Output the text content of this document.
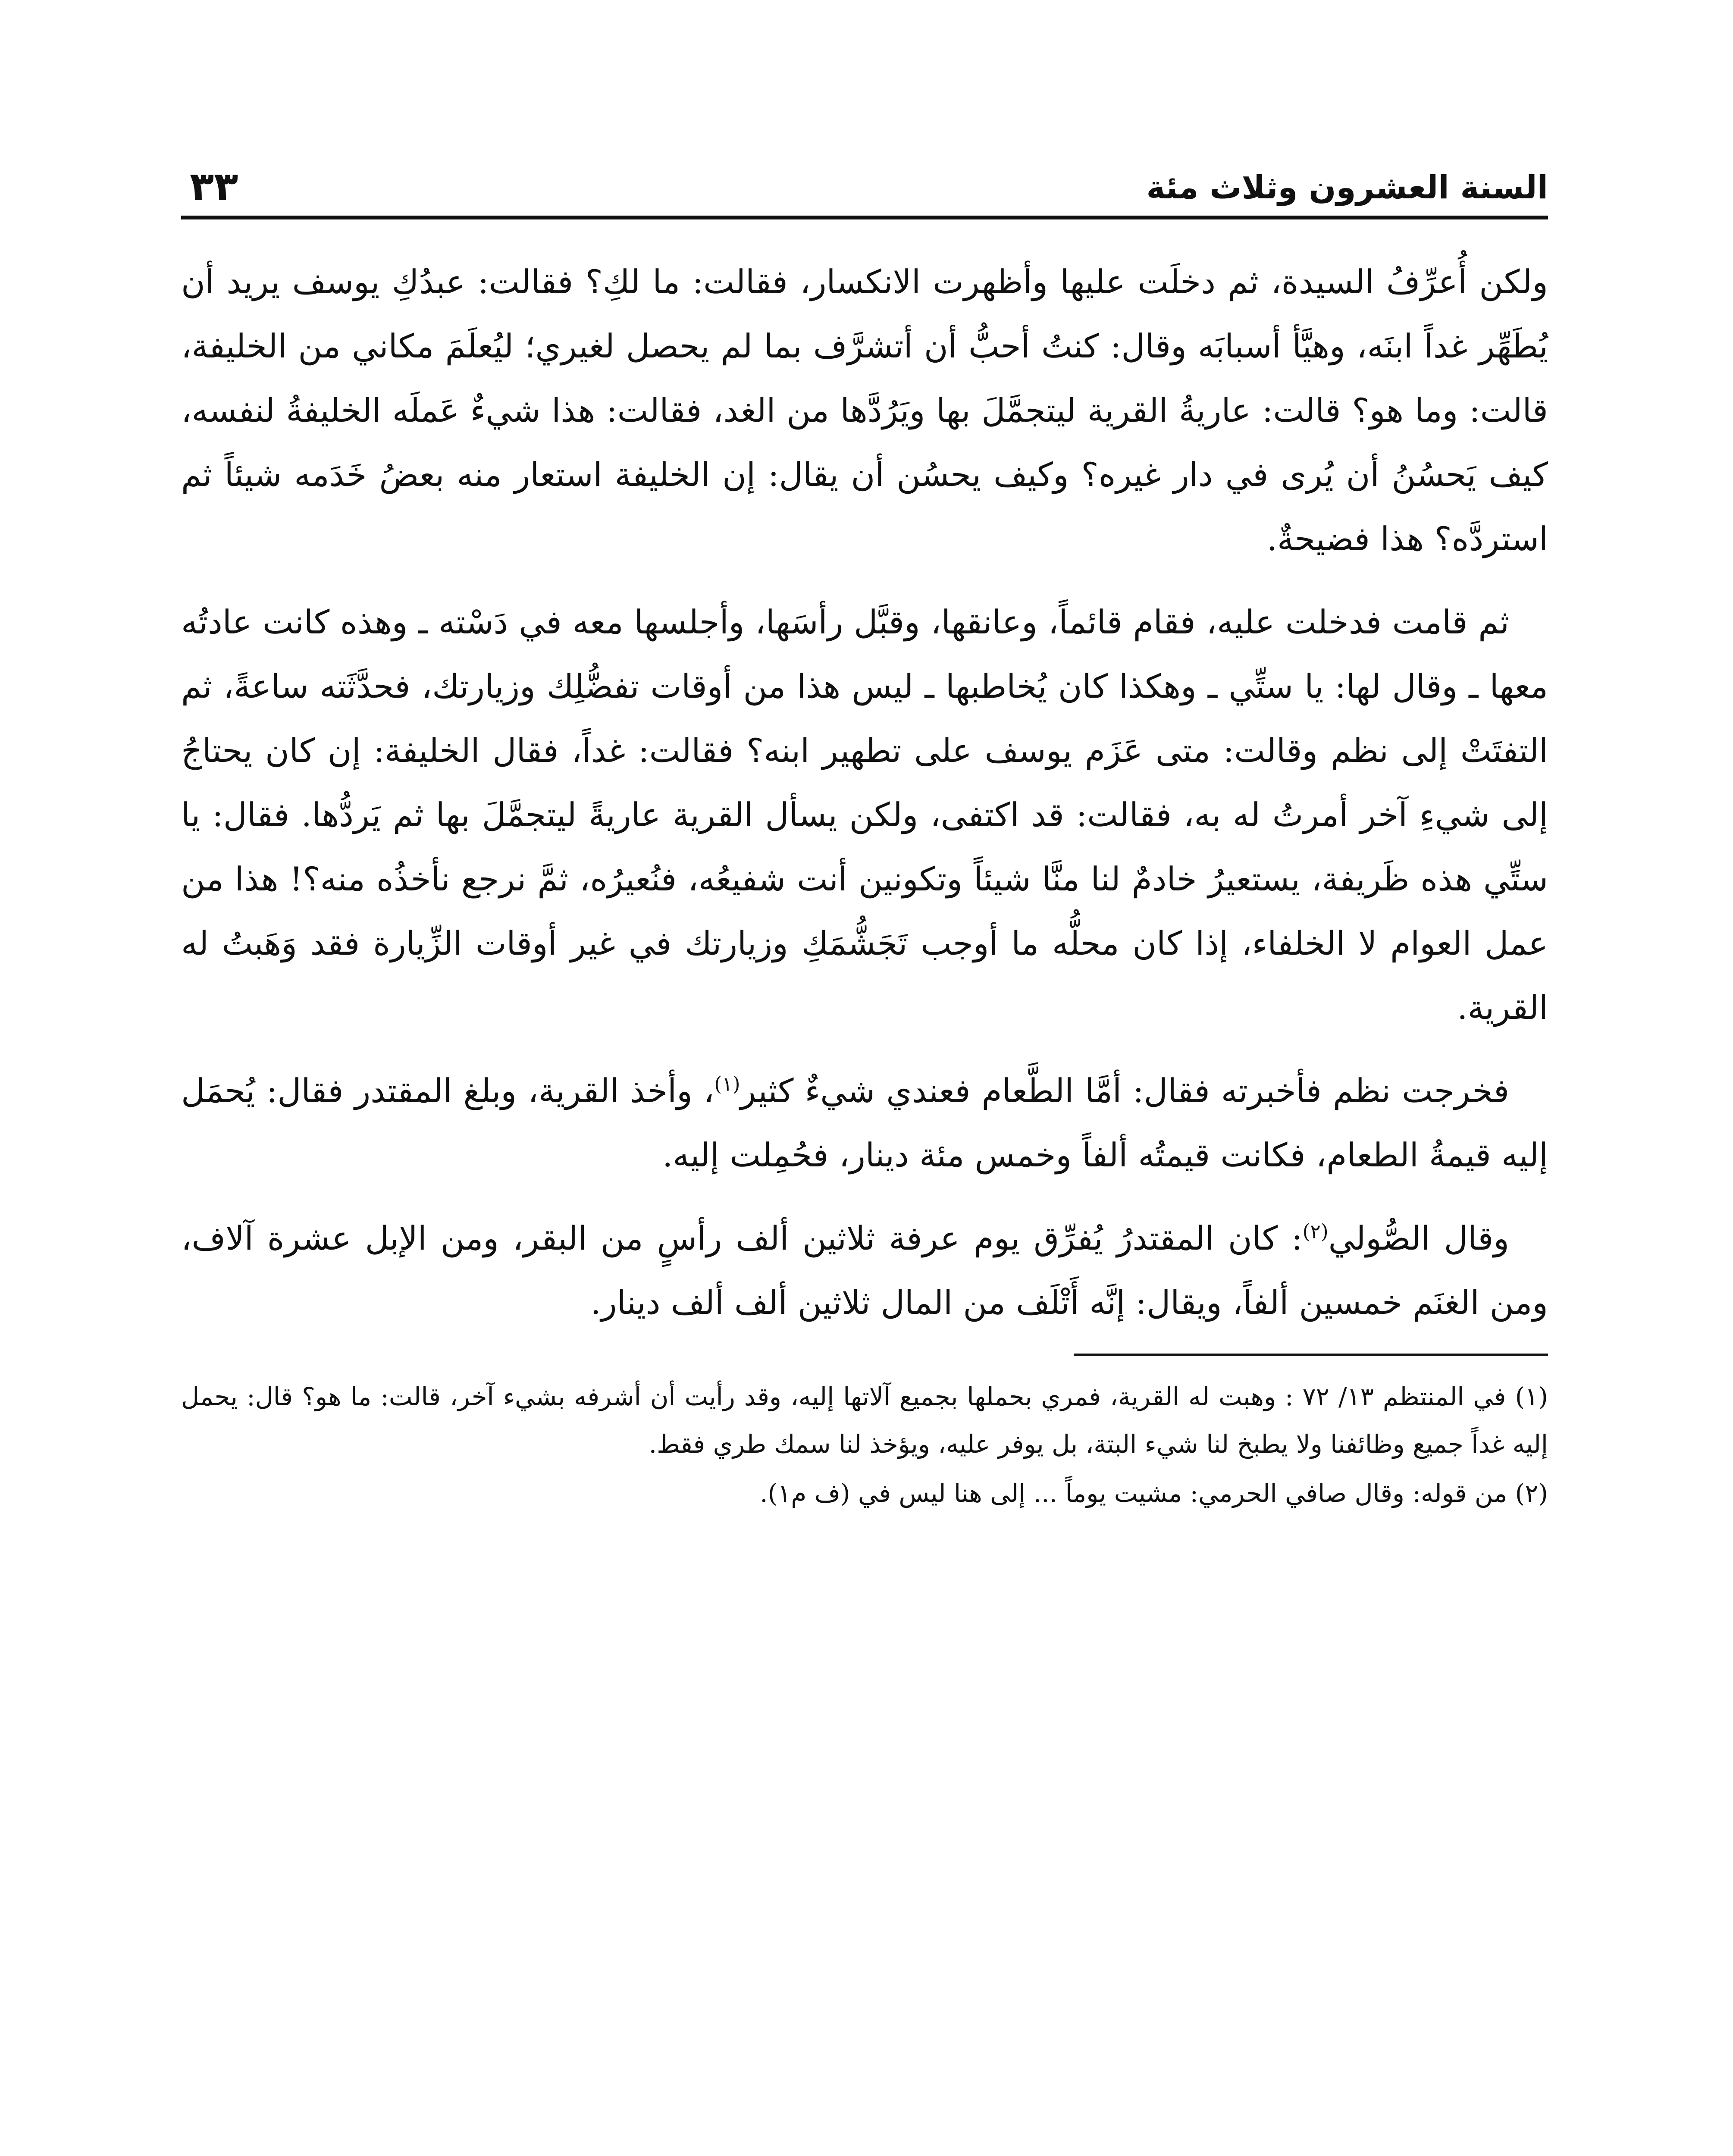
السنة العشرون وثلاث مئة
٣٣

ولكن أُعرِّفُ السيدة، ثم دخلَت عليها وأظهرت الانكسار، فقالت: ما لكِ؟ فقالت: عبدُكِ يوسف يريد أن يُطَهِّر غداً ابنَه، وهيَّأ أسبابَه وقال: كنتُ أحبُّ أن أتشرَّف بما لم يحصل لغيري؛ ليُعلَمَ مكاني من الخليفة، قالت: وما هو؟ قالت: عاريةُ القرية ليتجمَّلَ بها ويَرُدَّها من الغد، فقالت: هذا شيءٌ عَملَه الخليفةُ لنفسه، كيف يَحسُنُ أن يُرى في دار غيره؟ وكيف يحسُن أن يقال: إن الخليفة استعار منه بعضُ خَدَمه شيئاً ثم استردَّه؟ هذا فضيحةٌ.

ثم قامت فدخلت عليه، فقام قائماً، وعانقها، وقبَّل رأسَها، وأجلسها معه في دَسْته ـ وهذه كانت عادتُه معها ـ وقال لها: يا ستِّي ـ وهكذا كان يُخاطبها ـ ليس هذا من أوقات تفضُّلِك وزيارتك، فحدَّثَته ساعةً، ثم التفتَتْ إلى نظم وقالت: متى عَزَم يوسف على تطهير ابنه؟ فقالت: غداً، فقال الخليفة: إن كان يحتاجُ إلى شيءِ آخر أمرتُ له به، فقالت: قد اكتفى، ولكن يسأل القرية عاريةً ليتجمَّلَ بها ثم يَردُّها. فقال: يا ستِّي هذه ظَريفة، يستعيرُ خادمٌ لنا منَّا شيئاً وتكونين أنت شفيعُه، فنُعيرُه، ثمَّ نرجع نأخذُه منه؟! هذا من عمل العوام لا الخلفاء، إذا كان محلُّه ما أوجب تَجَشُّمَكِ وزيارتك في غير أوقات الزِّيارة فقد وَهَبتُ له القرية.

فخرجت نظم فأخبرته فقال: أمَّا الطَّعام فعندي شيءٌ كثير$^{(١)}$، وأخذ القرية، وبلغ المقتدر فقال: يُحمَل إليه قيمةُ الطعام، فكانت قيمتُه ألفاً وخمس مئة دينار، فحُمِلت إليه.

وقال الصُّولي$^{(٢)}$: كان المقتدرُ يُفرِّق يوم عرفة ثلاثين ألف رأسٍ من البقر، ومن الإبل عشرة آلاف، ومن الغنَم خمسين ألفاً، ويقال: إنَّه أَتْلَف من المال ثلاثين ألف ألف دينار.

(١) في المنتظم ١٣/ ٧٢ : وهبت له القرية، فمري بحملها بجميع آلاتها إليه، وقد رأيت أن أشرفه بشيء آخر، قالت: ما هو؟ قال: يحمل إليه غداً جميع وظائفنا ولا يطبخ لنا شيء البتة، بل يوفر عليه، ويؤخذ لنا سمك طري فقط.

(٢) من قوله: وقال صافي الحرمي: مشيت يوماً ... إلى هنا ليس في (ف م١).
